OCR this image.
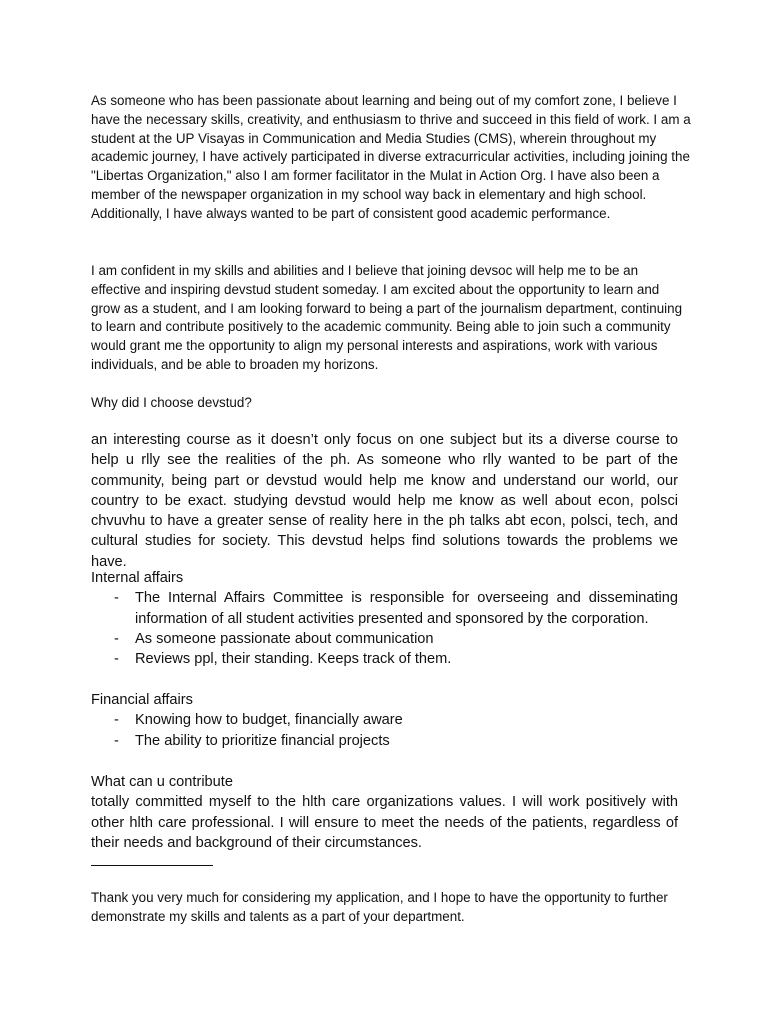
As someone who has been passionate about learning and being out of my comfort zone, I believe I have the necessary skills, creativity, and enthusiasm to thrive and succeed in this field of work. I am a student at the UP Visayas in Communication and Media Studies (CMS), wherein throughout my academic journey, I have actively participated in diverse extracurricular activities, including joining the "Libertas Organization," also I am former facilitator in the Mulat in Action Org. I have also been a member of the newspaper organization in my school way back in elementary and high school. Additionally, I have always wanted to be part of consistent good academic performance.

I am confident in my skills and abilities and I believe that joining devsoc will help me to be an effective and inspiring devstud student someday. I am excited about the opportunity to learn and grow as a student, and I am looking forward to being a part of the journalism department, continuing to learn and contribute positively to the academic community. Being able to join such a community would grant me the opportunity to align my personal interests and aspirations, work with various individuals, and be able to broaden my horizons.

Why did I choose devstud?

an interesting course as it doesn’t only focus on one subject but its a diverse course to help u rlly see the realities of the ph. As someone who rlly wanted to be part of the community, being part or devstud would help me know and understand our world, our country to be exact. studying devstud would help me know as well about econ, polsci chvuvhu to have a greater sense of reality here in the ph talks abt econ, polsci, tech, and cultural studies for society. This devstud helps find solutions towards the problems we have.

Internal affairs

- The Internal Affairs Committee is responsible for overseeing and disseminating information of all student activities presented and sponsored by the corporation.
- As someone passionate about communication
- Reviews ppl, their standing. Keeps track of them.

Financial affairs

- Knowing how to budget, financially aware
- The ability to prioritize financial projects

What can u contribute

totally committed myself to the hlth care organizations values. I will work positively with other hlth care professional. I will ensure to meet the needs of the patients, regardless of their needs and background of their circumstances.

Thank you very much for considering my application, and I hope to have the opportunity to further demonstrate my skills and talents as a part of your department.
